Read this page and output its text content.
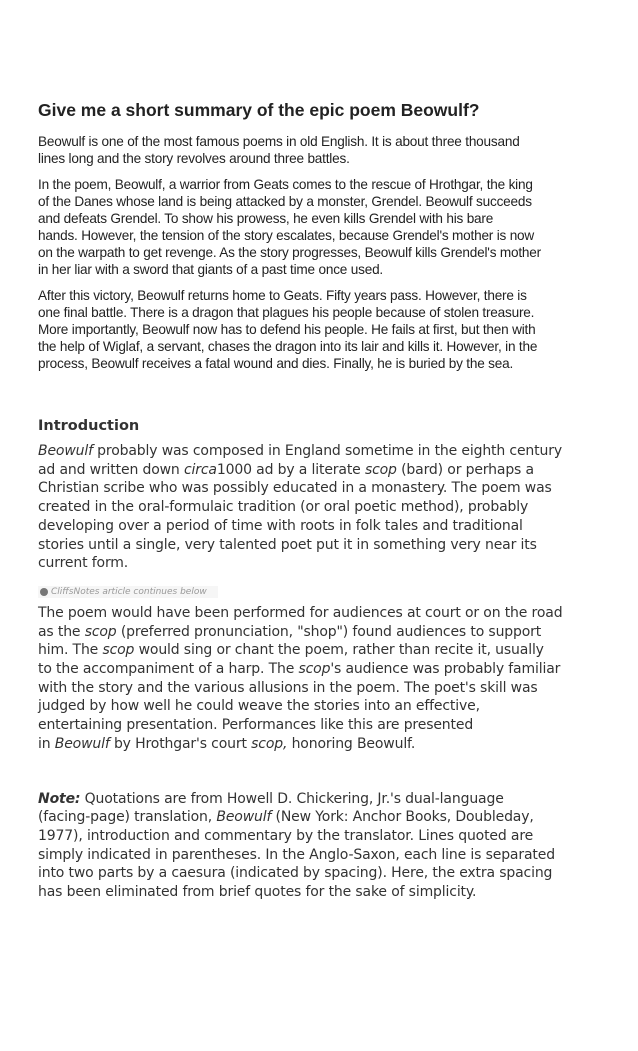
Give me a short summary of the epic poem Beowulf?

Beowulf is one of the most famous poems in old English. It is about three thousand
lines long and the story revolves around three battles.

In the poem, Beowulf, a warrior from Geats comes to the rescue of Hrothgar, the king
of the Danes whose land is being attacked by a monster, Grendel. Beowulf succeeds
and defeats Grendel. To show his prowess, he even kills Grendel with his bare
hands. However, the tension of the story escalates, because Grendel's mother is now
on the warpath to get revenge. As the story progresses, Beowulf kills Grendel's mother
in her liar with a sword that giants of a past time once used.

After this victory, Beowulf returns home to Geats. Fifty years pass. However, there is
one final battle. There is a dragon that plagues his people because of stolen treasure.
More importantly, Beowulf now has to defend his people. He fails at first, but then with
the help of Wiglaf, a servant, chases the dragon into its lair and kills it. However, in the
process, Beowulf receives a fatal wound and dies. Finally, he is buried by the sea.

Introduction

Beowulf probably was composed in England sometime in the eighth century
ad and written down circa1000 ad by a literate scop (bard) or perhaps a
Christian scribe who was possibly educated in a monastery. The poem was
created in the oral-formulaic tradition (or oral poetic method), probably
developing over a period of time with roots in folk tales and traditional
stories until a single, very talented poet put it in something very near its
current form.

CliffsNotes article continues below

The poem would have been performed for audiences at court or on the road
as the scop (preferred pronunciation, "shop") found audiences to support
him. The scop would sing or chant the poem, rather than recite it, usually
to the accompaniment of a harp. The scop's audience was probably familiar
with the story and the various allusions in the poem. The poet's skill was
judged by how well he could weave the stories into an effective,
entertaining presentation. Performances like this are presented
in Beowulf by Hrothgar's court scop, honoring Beowulf.

Note: Quotations are from Howell D. Chickering, Jr.'s dual-language
(facing-page) translation, Beowulf (New York: Anchor Books, Doubleday,
1977), introduction and commentary by the translator. Lines quoted are
simply indicated in parentheses. In the Anglo-Saxon, each line is separated
into two parts by a caesura (indicated by spacing). Here, the extra spacing
has been eliminated from brief quotes for the sake of simplicity.
